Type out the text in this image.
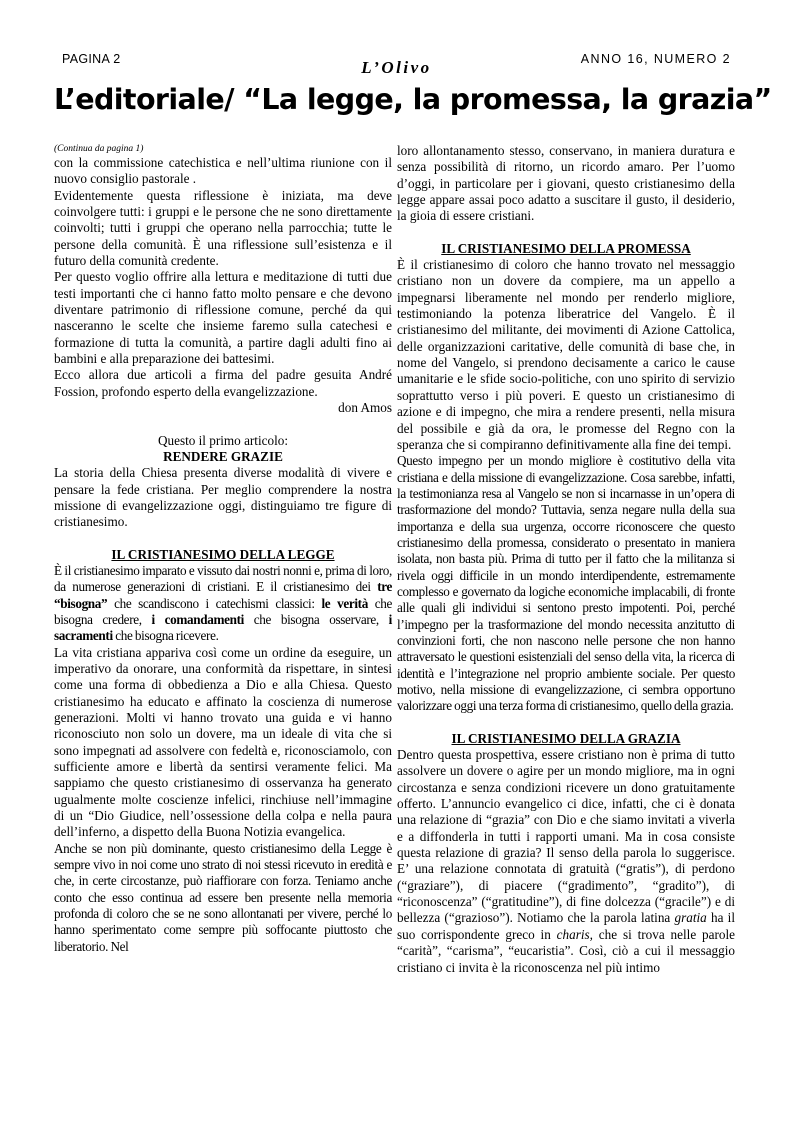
PAGINA 2	L’Olivo	ANNO 16, NUMERO 2
L’editoriale/ “La legge, la promessa, la grazia”

(Continua da pagina 1)

con la commissione catechistica e nell’ultima riunione con il nuovo consiglio pastorale .

Evidentemente questa riflessione è iniziata, ma deve coinvolgere tutti: i gruppi e le persone che ne sono direttamente coinvolti; tutti i gruppi che operano nella parrocchia; tutte le persone della comunità. È una riflessione sull’esistenza e il futuro della comunità credente.

Per questo voglio offrire alla lettura e meditazione di tutti due testi importanti che ci hanno fatto molto pensare e che devono diventare patrimonio di riflessione comune, perché da qui nasceranno le scelte che insieme faremo sulla catechesi e formazione di tutta la comunità, a partire dagli adulti fino ai bambini e alla preparazione dei battesimi.

Ecco allora due articoli a firma del padre gesuita André Fossion, profondo esperto della evangelizzazione.

don Amos

Questo il primo articolo:

RENDERE GRAZIE

La storia della Chiesa presenta diverse modalità di vivere e pensare la fede cristiana. Per meglio comprendere la nostra missione di evangelizzazione oggi, distinguiamo tre figure di cristianesimo.

IL CRISTIANESIMO DELLA LEGGE

È il cristianesimo imparato e vissuto dai nostri nonni e, prima di loro, da numerose generazioni di cristiani. E il cristianesimo dei tre “bisogna” che scandiscono i catechismi classici: le verità che bisogna credere, i comandamenti che bisogna osservare, i sacramenti che bisogna ricevere.

La vita cristiana appariva così come un ordine da eseguire, un imperativo da onorare, una conformità da rispettare, in sintesi come una forma di obbedienza a Dio e alla Chiesa. Questo cristianesimo ha educato e affinato la coscienza di numerose generazioni. Molti vi hanno trovato una guida e vi hanno riconosciuto non solo un dovere, ma un ideale di vita che si sono impegnati ad assolvere con fedeltà e, riconosciamolo, con sufficiente amore e libertà da sentirsi veramente felici. Ma sappiamo che questo cristianesimo di osservanza ha generato ugualmente molte coscienze infelici, rinchiuse nell’immagine di un “Dio Giudice, nell’ossessione della colpa e nella paura dell’inferno, a dispetto della Buona Notizia evangelica.

Anche se non più dominante, questo cristianesimo della Legge è sempre vivo in noi come uno strato di noi stessi ricevuto in eredità e che, in certe circostanze, può riaffiorare con forza. Teniamo anche conto che esso continua ad essere ben presente nella memoria profonda di coloro che se ne sono allontanati per vivere, perché lo hanno sperimentato come sempre più soffocante piuttosto che liberatorio. Nel

loro allontanamento stesso, conservano, in maniera duratura e senza possibilità di ritorno, un ricordo amaro. Per l’uomo d’oggi, in particolare per i giovani, questo cristianesimo della legge appare assai poco adatto a suscitare il gusto, il desiderio, la gioia di essere cristiani.

IL CRISTIANESIMO DELLA PROMESSA

È il cristianesimo di coloro che hanno trovato nel messaggio cristiano non un dovere da compiere, ma un appello a impegnarsi liberamente nel mondo per renderlo migliore, testimoniando la potenza liberatrice del Vangelo. È il cristianesimo del militante, dei movimenti di Azione Cattolica, delle organizzazioni caritative, delle comunità di base che, in nome del Vangelo, si prendono decisamente a carico le cause umanitarie e le sfide socio-politiche, con uno spirito di servizio soprattutto verso i più poveri. E questo un cristianesimo di azione e di impegno, che mira a rendere presenti, nella misura del possibile e già da ora, le promesse del Regno con la speranza che si compiranno definitivamente alla fine dei tempi.

Questo impegno per un mondo migliore è costitutivo della vita cristiana e della missione di evangelizzazione. Cosa sarebbe, infatti, la testimonianza resa al Vangelo se non si incarnasse in un’opera di trasformazione del mondo? Tuttavia, senza negare nulla della sua importanza e della sua urgenza, occorre riconoscere che questo cristianesimo della promessa, considerato o presentato in maniera isolata, non basta più. Prima di tutto per il fatto che la militanza si rivela oggi difficile in un mondo interdipendente, estremamente complesso e governato da logiche economiche implacabili, di fronte alle quali gli individui si sentono presto impotenti. Poi, perché l’impegno per la trasformazione del mondo necessita anzitutto di convinzioni forti, che non nascono nelle persone che non hanno attraversato le questioni esistenziali del senso della vita, la ricerca di identità e l’integrazione nel proprio ambiente sociale. Per questo motivo, nella missione di evangelizzazione, ci sembra opportuno valorizzare oggi una terza forma di cristianesimo, quello della grazia.

IL CRISTIANESIMO DELLA GRAZIA

Dentro questa prospettiva, essere cristiano non è prima di tutto assolvere un dovere o agire per un mondo migliore, ma in ogni circostanza e senza condizioni ricevere un dono gratuitamente offerto. L’annuncio evangelico ci dice, infatti, che ci è donata una relazione di “grazia” con Dio e che siamo invitati a viverla e a diffonderla in tutti i rapporti umani. Ma in cosa consiste questa relazione di grazia? Il senso della parola lo suggerisce. E’ una relazione connotata di gratuità (“gratis”), di perdono (“graziare”), di piacere (“gradimento”, “gradito”), di “riconoscenza” (“gratitudine”), di fine dolcezza (“gracile”) e di bellezza (“grazioso”). Notiamo che la parola latina gratia ha il suo corrispondente greco in charis, che si trova nelle parole “carità”, “carisma”, “eucaristia”. Così, ciò a cui il messaggio cristiano ci invita è la riconoscenza nel più intimo
